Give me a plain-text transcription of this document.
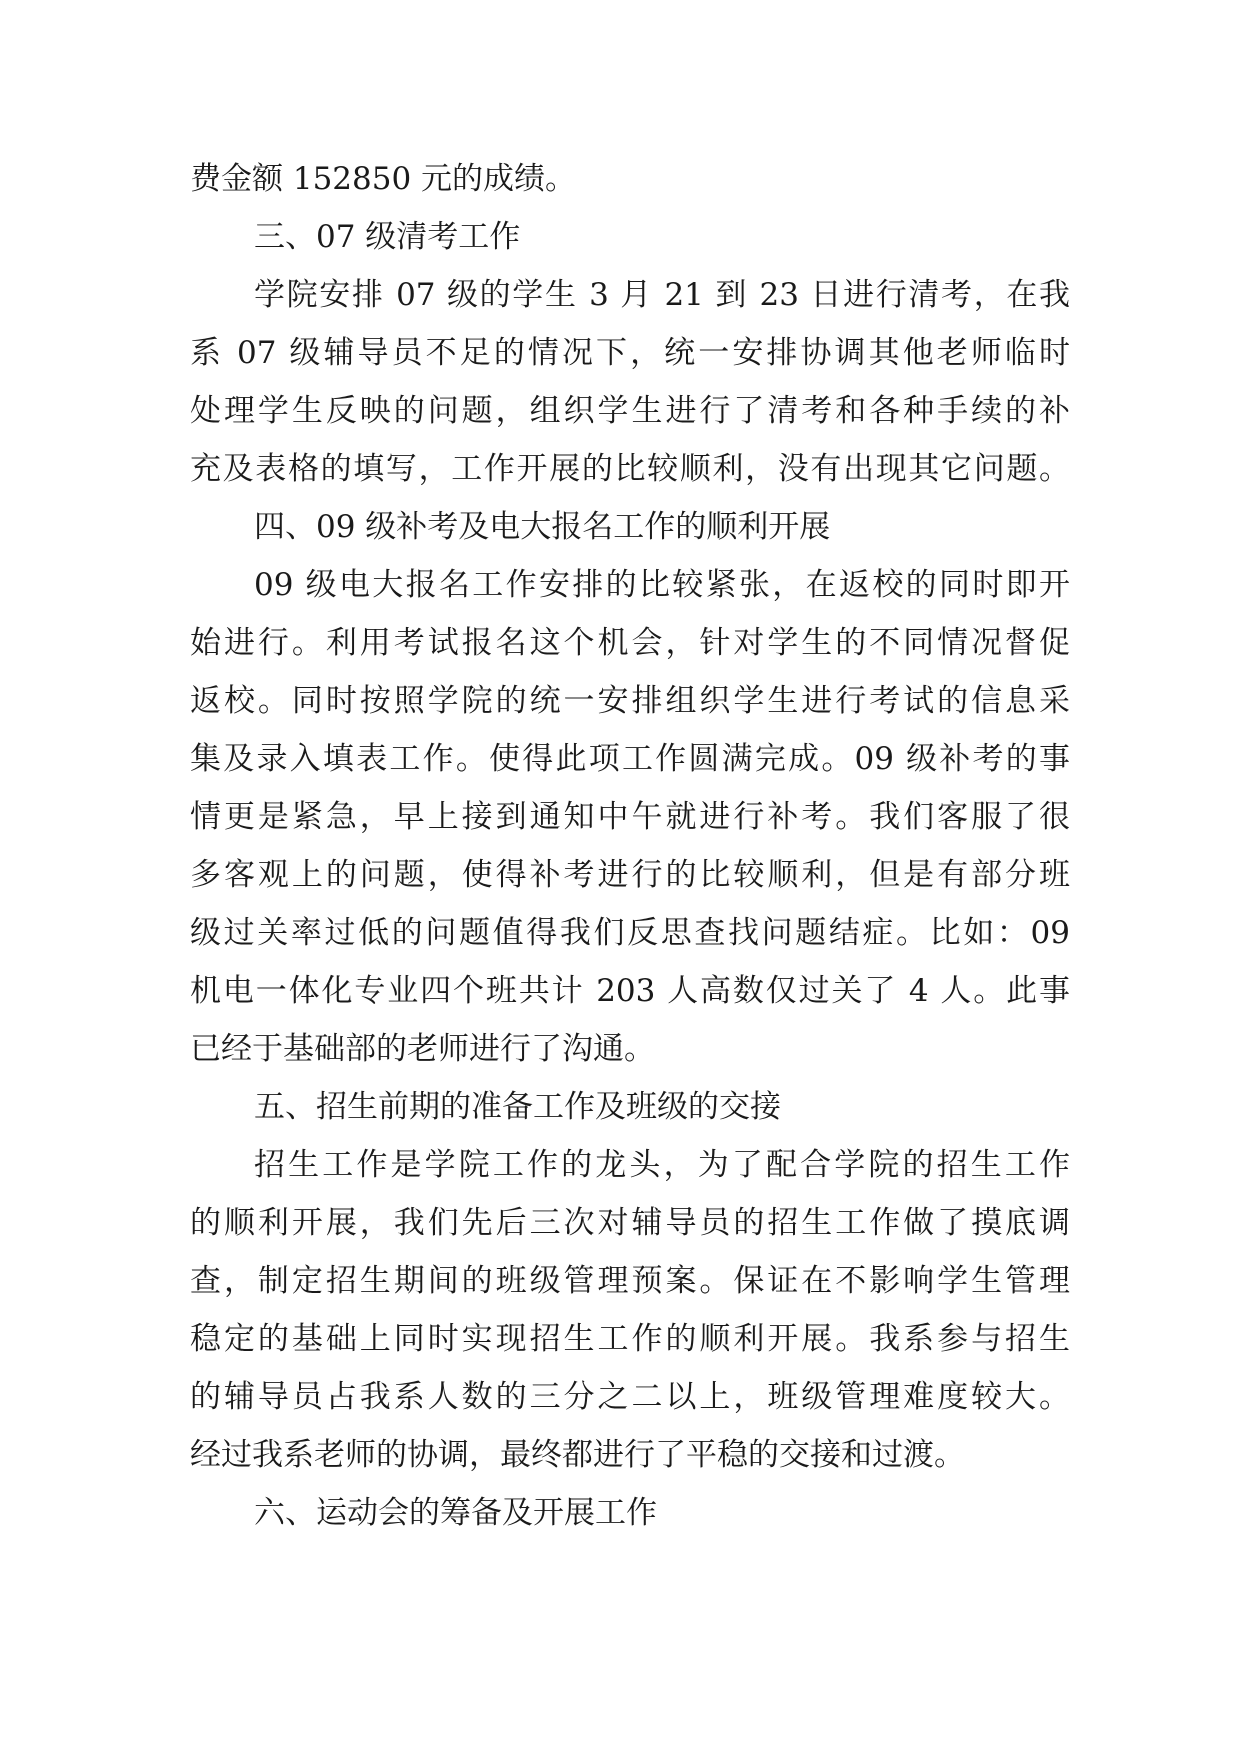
费金额 152850 元的成绩。
三、07 级清考工作
学院安排 07 级的学生 3 月 21 到 23 日进行清考，在我
系 07 级辅导员不足的情况下，统一安排协调其他老师临时
处理学生反映的问题，组织学生进行了清考和各种手续的补
充及表格的填写，工作开展的比较顺利，没有出现其它问题。
四、09 级补考及电大报名工作的顺利开展
09 级电大报名工作安排的比较紧张，在返校的同时即开
始进行。利用考试报名这个机会，针对学生的不同情况督促
返校。同时按照学院的统一安排组织学生进行考试的信息采
集及录入填表工作。使得此项工作圆满完成。09 级补考的事
情更是紧急，早上接到通知中午就进行补考。我们客服了很
多客观上的问题，使得补考进行的比较顺利，但是有部分班
级过关率过低的问题值得我们反思查找问题结症。比如：09
机电一体化专业四个班共计 203 人高数仅过关了 4 人。此事
已经于基础部的老师进行了沟通。
五、招生前期的准备工作及班级的交接
招生工作是学院工作的龙头，为了配合学院的招生工作
的顺利开展，我们先后三次对辅导员的招生工作做了摸底调
查，制定招生期间的班级管理预案。保证在不影响学生管理
稳定的基础上同时实现招生工作的顺利开展。我系参与招生
的辅导员占我系人数的三分之二以上，班级管理难度较大。
经过我系老师的协调，最终都进行了平稳的交接和过渡。
六、运动会的筹备及开展工作
